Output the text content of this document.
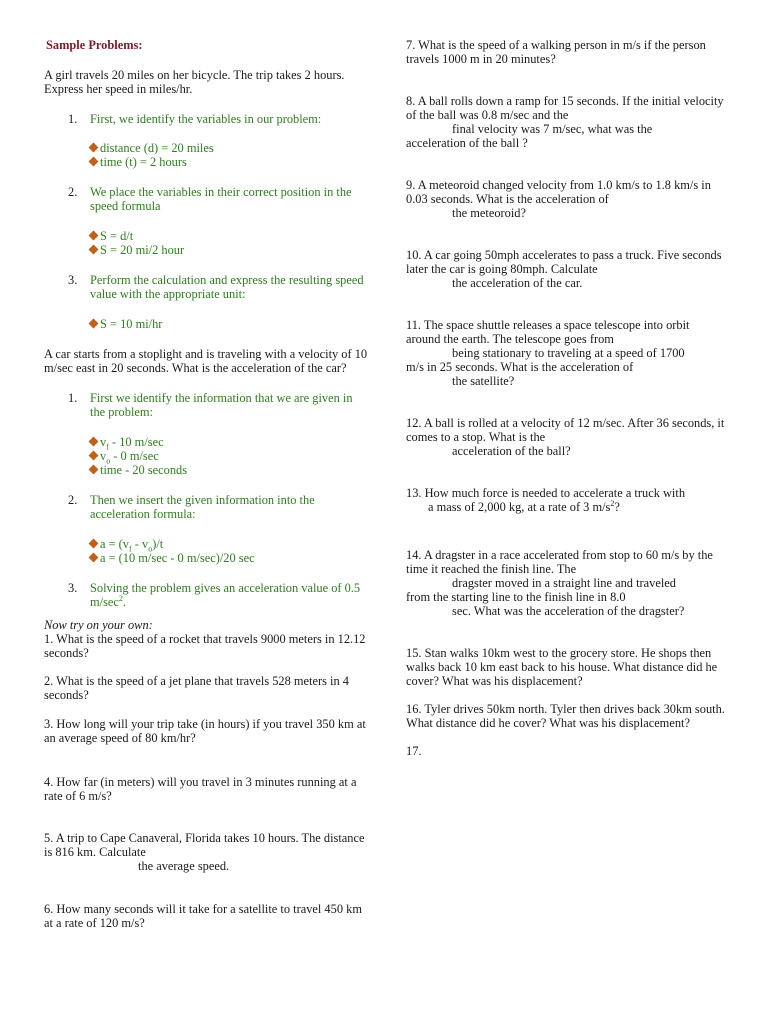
Sample Problems:

A girl travels 20 miles on her bicycle. The trip takes 2 hours. Express her speed in miles/hr.

1.	First, we identify the variables in our problem:
distance (d) = 20 miles
time (t) = 2 hours
2.	We place the variables in their correct position in the speed formula
S = d/t
S = 20 mi/2 hour
3.	Perform the calculation and express the resulting speed value with the appropriate unit:
S = 10 mi/hr

A car starts from a stoplight and is traveling with a velocity of 10 m/sec east in 20 seconds. What is the acceleration of the car?

1.	First we identify the information that we are given in the problem:
$v_f - 10$ m/sec
$v_o - 0$ m/sec
time - 20 seconds
2.	Then we insert the given information into the acceleration formula:
$a = (v_f - v_o)/t$
a = (10 m/sec - 0 m/sec)/20 sec
3.	Solving the problem gives an acceleration value of 0.5 $m/\sec^2$.

Now try on your own:

1. What is the speed of a rocket that travels 9000 meters in 12.12 seconds?

2. What is the speed of a jet plane that travels 528 meters in 4 seconds?

3. How long will your trip take (in hours) if you travel 350 km at an average speed of 80 km/hr?

4. How far (in meters) will you travel in 3 minutes running at a rate of 6 m/s?

5. A trip to Cape Canaveral, Florida takes 10 hours. The distance is 816 km. Calculate

the average speed.

6. How many seconds will it take for a satellite to travel 450 km at a rate of 120 m/s?

7. What is the speed of a walking person in m/s if the person travels 1000 m in 20 minutes?

8. A ball rolls down a ramp for 15 seconds. If the initial velocity of the ball was 0.8 m/sec and the

final velocity was 7 m/sec, what was the

acceleration of the ball ?

9. A meteoroid changed velocity from 1.0 km/s to 1.8 km/s in 0.03 seconds. What is the acceleration of

the meteoroid?

10. A car going 50mph accelerates to pass a truck. Five seconds later the car is going 80mph. Calculate

the acceleration of the car.

11. The space shuttle releases a space telescope into orbit around the earth. The telescope goes from

being stationary to traveling at a speed of 1700

m/s in 25 seconds. What is the acceleration of

the satellite?

12. A ball is rolled at a velocity of 12 m/sec. After 36 seconds, it comes to a stop. What is the

acceleration of the ball?

13. How much force is needed to accelerate a truck with

a mass of 2,000 kg, at a rate of 3 $m/s^2$?

14. A dragster in a race accelerated from stop to 60 m/s by the time it reached the finish line. The

dragster moved in a straight line and traveled

from the starting line to the finish line in 8.0

sec. What was the acceleration of the dragster?

15. Stan walks 10km west to the grocery store. He shops then walks back 10 km east back to his house. What distance did he cover? What was his displacement?

16. Tyler drives 50km north. Tyler then drives back 30km south. What distance did he cover? What was his displacement?

17.
